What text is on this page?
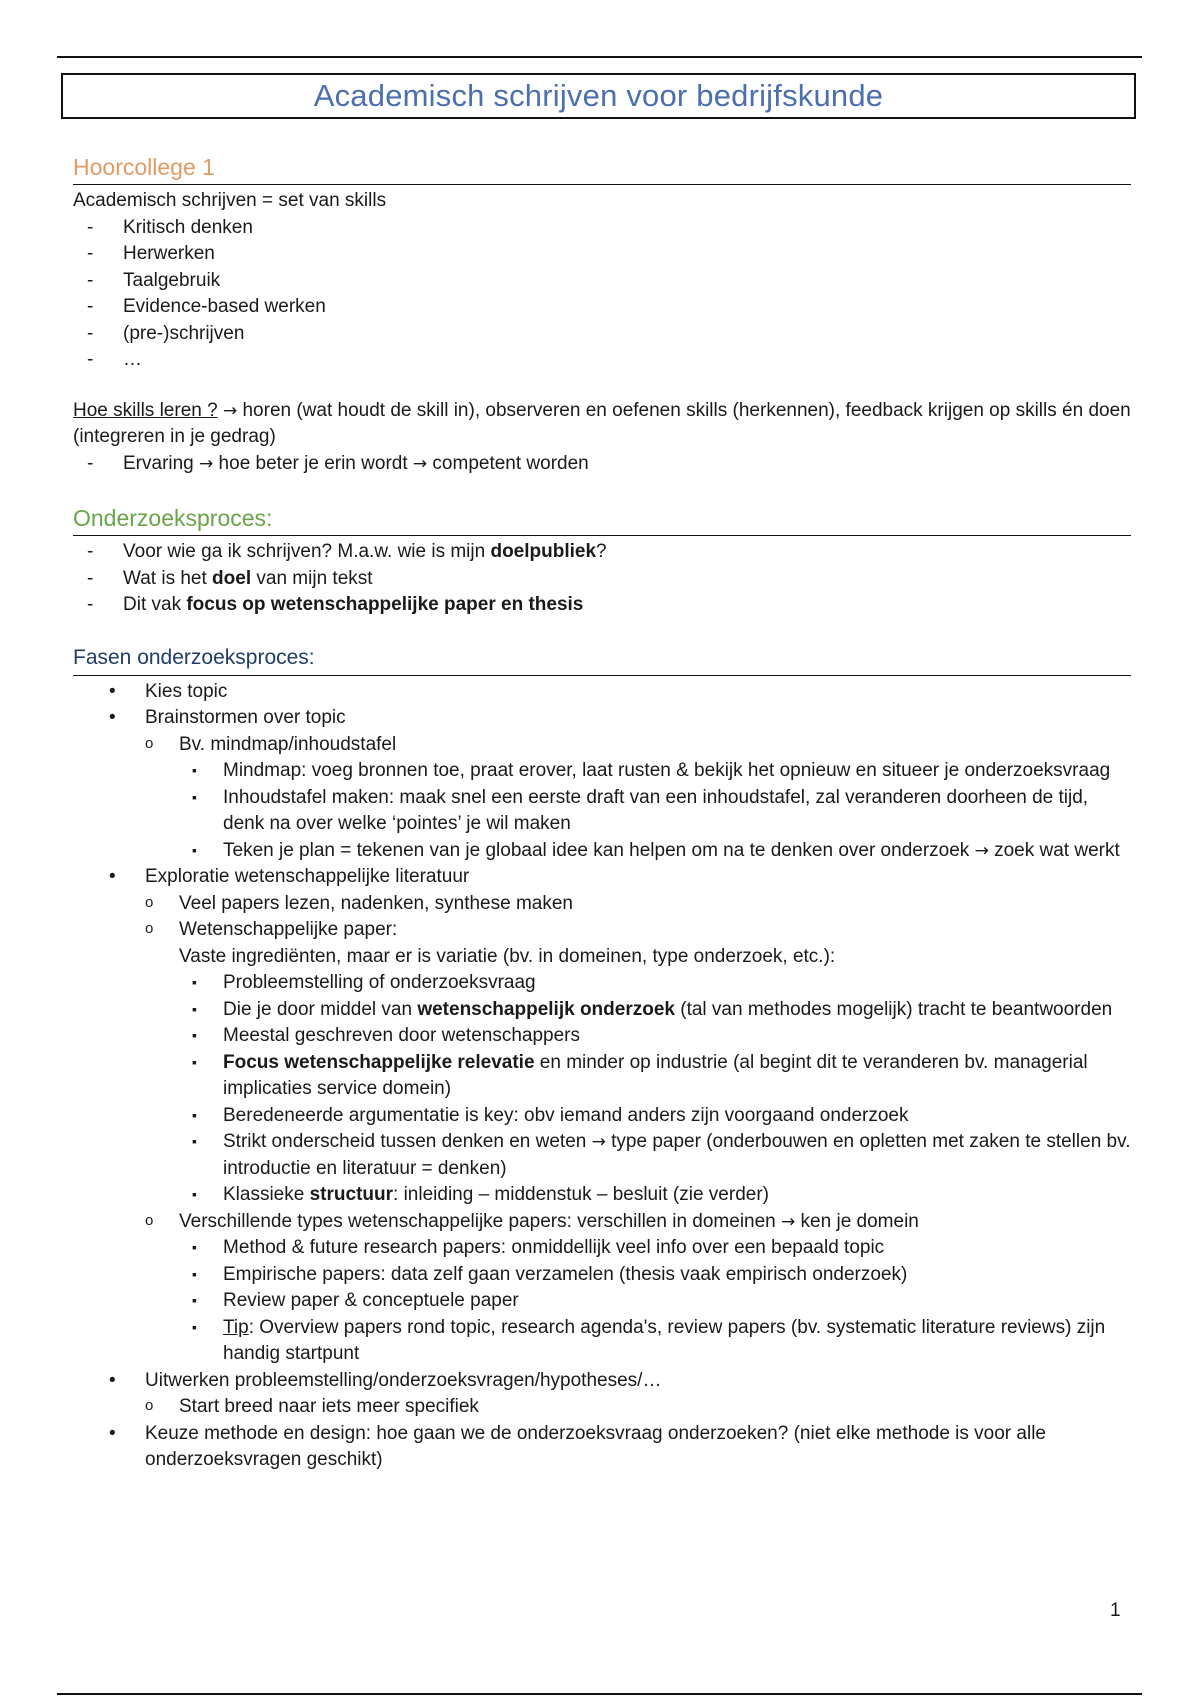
Academisch schrijven voor bedrijfskunde
Hoorcollege 1
Academisch schrijven = set van skills
- Kritisch denken
- Herwerken
- Taalgebruik
- Evidence-based werken
- (pre-)schrijven
- …
Hoe skills leren ? → horen (wat houdt de skill in), observeren en oefenen skills (herkennen), feedback krijgen op skills én doen (integreren in je gedrag)
- Ervaring → hoe beter je erin wordt → competent worden
Onderzoeksproces:
- Voor wie ga ik schrijven? M.a.w. wie is mijn doelpubliek?
- Wat is het doel van mijn tekst
- Dit vak focus op wetenschappelijke paper en thesis
Fasen onderzoeksproces:
• Kies topic
• Brainstormen over topic
o Bv. mindmap/inhoudstafel
▪ Mindmap: voeg bronnen toe, praat erover, laat rusten & bekijk het opnieuw en situeer je onderzoeksvraag
▪ Inhoudstafel maken: maak snel een eerste draft van een inhoudstafel, zal veranderen doorheen de tijd, denk na over welke ‘pointes’ je wil maken
▪ Teken je plan = tekenen van je globaal idee kan helpen om na te denken over onderzoek → zoek wat werkt
• Exploratie wetenschappelijke literatuur
o Veel papers lezen, nadenken, synthese maken
o Wetenschappelijke paper:
Vaste ingrediënten, maar er is variatie (bv. in domeinen, type onderzoek, etc.):
▪ Probleemstelling of onderzoeksvraag
▪ Die je door middel van wetenschappelijk onderzoek (tal van methodes mogelijk) tracht te beantwoorden
▪ Meestal geschreven door wetenschappers
▪ Focus wetenschappelijke relevatie en minder op industrie (al begint dit te veranderen bv. managerial implicaties service domein)
▪ Beredeneerde argumentatie is key: obv iemand anders zijn voorgaand onderzoek
▪ Strikt onderscheid tussen denken en weten → type paper (onderbouwen en opletten met zaken te stellen bv. introductie en literatuur = denken)
▪ Klassieke structuur: inleiding – middenstuk – besluit (zie verder)
o Verschillende types wetenschappelijke papers: verschillen in domeinen → ken je domein
▪ Method & future research papers: onmiddellijk veel info over een bepaald topic
▪ Empirische papers: data zelf gaan verzamelen (thesis vaak empirisch onderzoek)
▪ Review paper & conceptuele paper
▪ Tip: Overview papers rond topic, research agenda's, review papers (bv. systematic literature reviews) zijn handig startpunt
• Uitwerken probleemstelling/onderzoeksvragen/hypotheses/…
o Start breed naar iets meer specifiek
• Keuze methode en design: hoe gaan we de onderzoeksvraag onderzoeken? (niet elke methode is voor alle onderzoeksvragen geschikt)
1
